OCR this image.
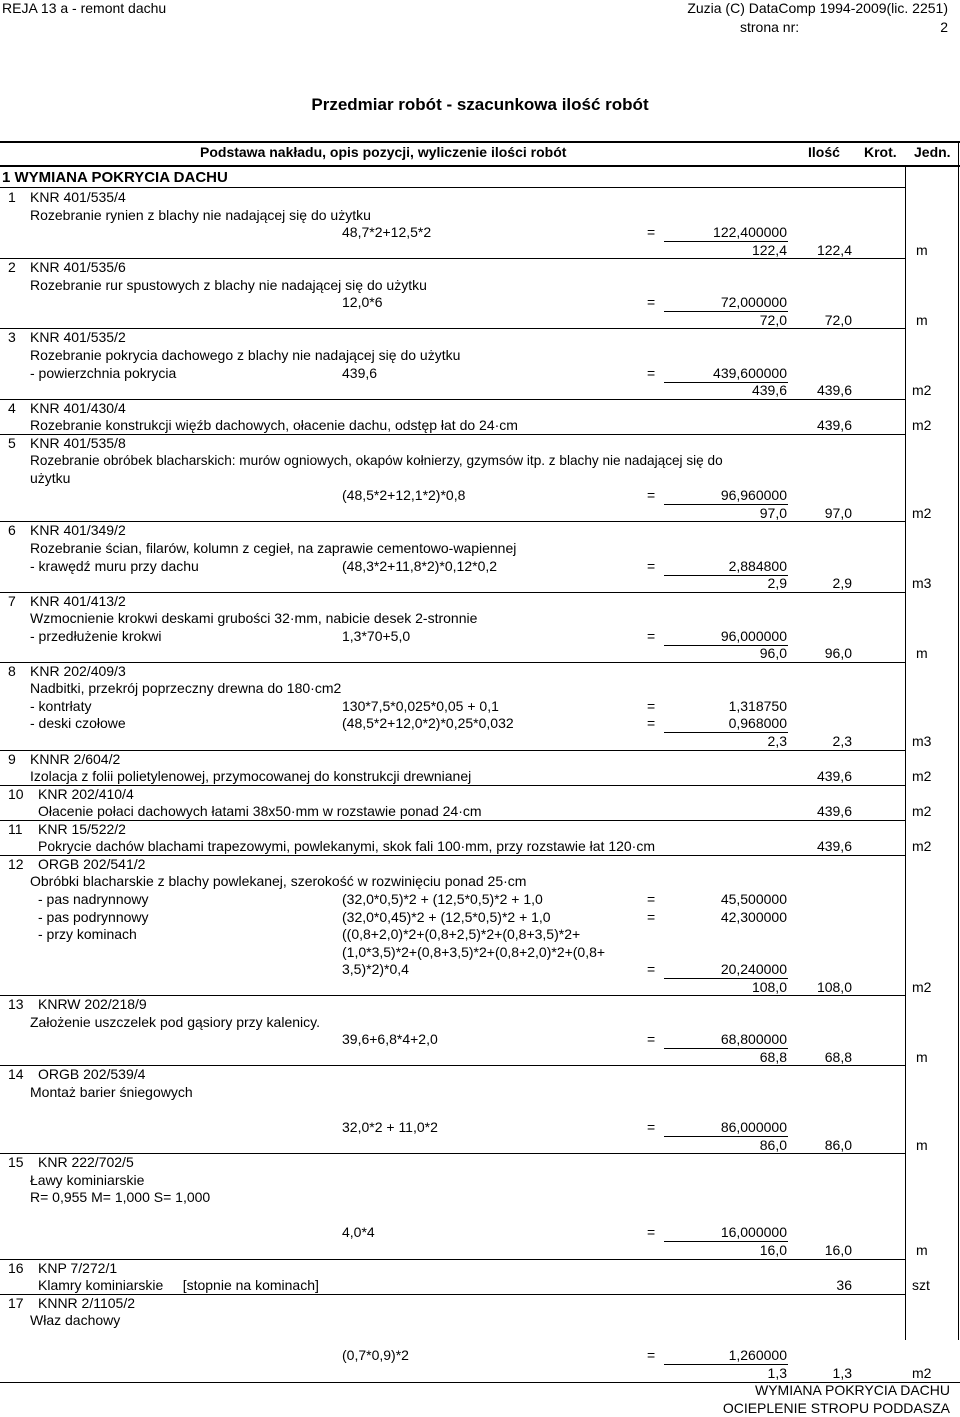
REJA 13 a - remont dachu	Zuzia (C) DataComp 1994-2009(lic. 2251)
strona nr:	2
Przedmiar robót - szacunkowa ilość robót
Podstawa nakładu, opis pozycji, wyliczenie ilości robót	Ilość Krot. Jedn.
1 WYMIANA POKRYCIA DACHU
1 KNR 401/535/4
Rozebranie rynien z blachy nie nadającej się do użytku
48,7*2+12,5*2	=	122,400000
122,4 122,4	m
2 KNR 401/535/6
Rozebranie rur spustowych z blachy nie nadającej się do użytku
12,0*6	=	72,000000
72,0	72,0	m
3 KNR 401/535/2
Rozebranie pokrycia dachowego z blachy nie nadającej się do użytku
- powierzchnia pokrycia	439,6	=	439,600000
439,6 439,6	m2
4 KNR 401/430/4
Rozebranie konstrukcji więźb dachowych, ołacenie dachu, odstęp łat do 24·cm	439,6	m2
5 KNR 401/535/8
Rozebranie obróbek blacharskich: murów ogniowych, okapów kołnierzy, gzymsów itp. z blachy nie nadającej się do
użytku
(48,5*2+12,1*2)*0,8	=	96,960000
97,0	97,0	m2
6 KNR 401/349/2
Rozebranie ścian, filarów, kolumn z cegieł, na zaprawie cementowo-wapiennej
- krawędź muru przy dachu	(48,3*2+11,8*2)*0,12*0,2	=	2,884800
2,9	2,9	m3
7 KNR 401/413/2
Wzmocnienie krokwi deskami grubości 32·mm, nabicie desek 2-stronnie
- przedłużenie krokwi	1,3*70+5,0	=	96,000000
96,0	96,0	m
8 KNR 202/409/3
Nadbitki, przekrój poprzeczny drewna do 180·cm2
- kontrłaty	130*7,5*0,025*0,05 + 0,1	=	1,318750
- deski czołowe	(48,5*2+12,0*2)*0,25*0,032	=	0,968000
2,3	2,3	m3
9 KNNR 2/604/2
Izolacja z folii polietylenowej, przymocowanej do konstrukcji drewnianej	439,6	m2
10 KNR 202/410/4
Ołacenie połaci dachowych łatami 38x50·mm w rozstawie ponad 24·cm	439,6	m2
11 KNR 15/522/2
Pokrycie dachów blachami trapezowymi, powlekanymi, skok fali 100·mm, przy rozstawie łat 120·cm	439,6	m2
12 ORGB 202/541/2
Obróbki blacharskie z blachy powlekanej, szerokość w rozwinięciu ponad 25·cm
- pas nadrynnowy	(32,0*0,5)*2 + (12,5*0,5)*2 + 1,0	=	45,500000
- pas podrynnowy	(32,0*0,45)*2 + (12,5*0,5)*2 + 1,0	=	42,300000
- przy kominach	((0,8+2,0)*2+(0,8+2,5)*2+(0,8+3,5)*2+
(1,0*3,5)*2+(0,8+3,5)*2+(0,8+2,0)*2+(0,8+
3,5)*2)*0,4	=	20,240000
108,0 108,0	m2
13 KNRW 202/218/9
Założenie uszczelek pod gąsiory przy kalenicy.
39,6+6,8*4+2,0	=	68,800000
68,8	68,8	m
14 ORGB 202/539/4
Montaż barier śniegowych
32,0*2 + 11,0*2	=	86,000000
86,0	86,0	m
15 KNR 222/702/5
Ławy kominiarskie
R= 0,955 M= 1,000 S= 1,000
4,0*4	=	16,000000
16,0	16,0	m
16 KNP 7/272/1
Klamry kominiarskie     [stopnie na kominach]	36	szt
17 KNNR 2/1105/2
Właz dachowy
(0,7*0,9)*2	=	1,260000
1,3	1,3	m2
WYMIANA POKRYCIA DACHU
OCIEPLENIE STROPU PODDASZA
